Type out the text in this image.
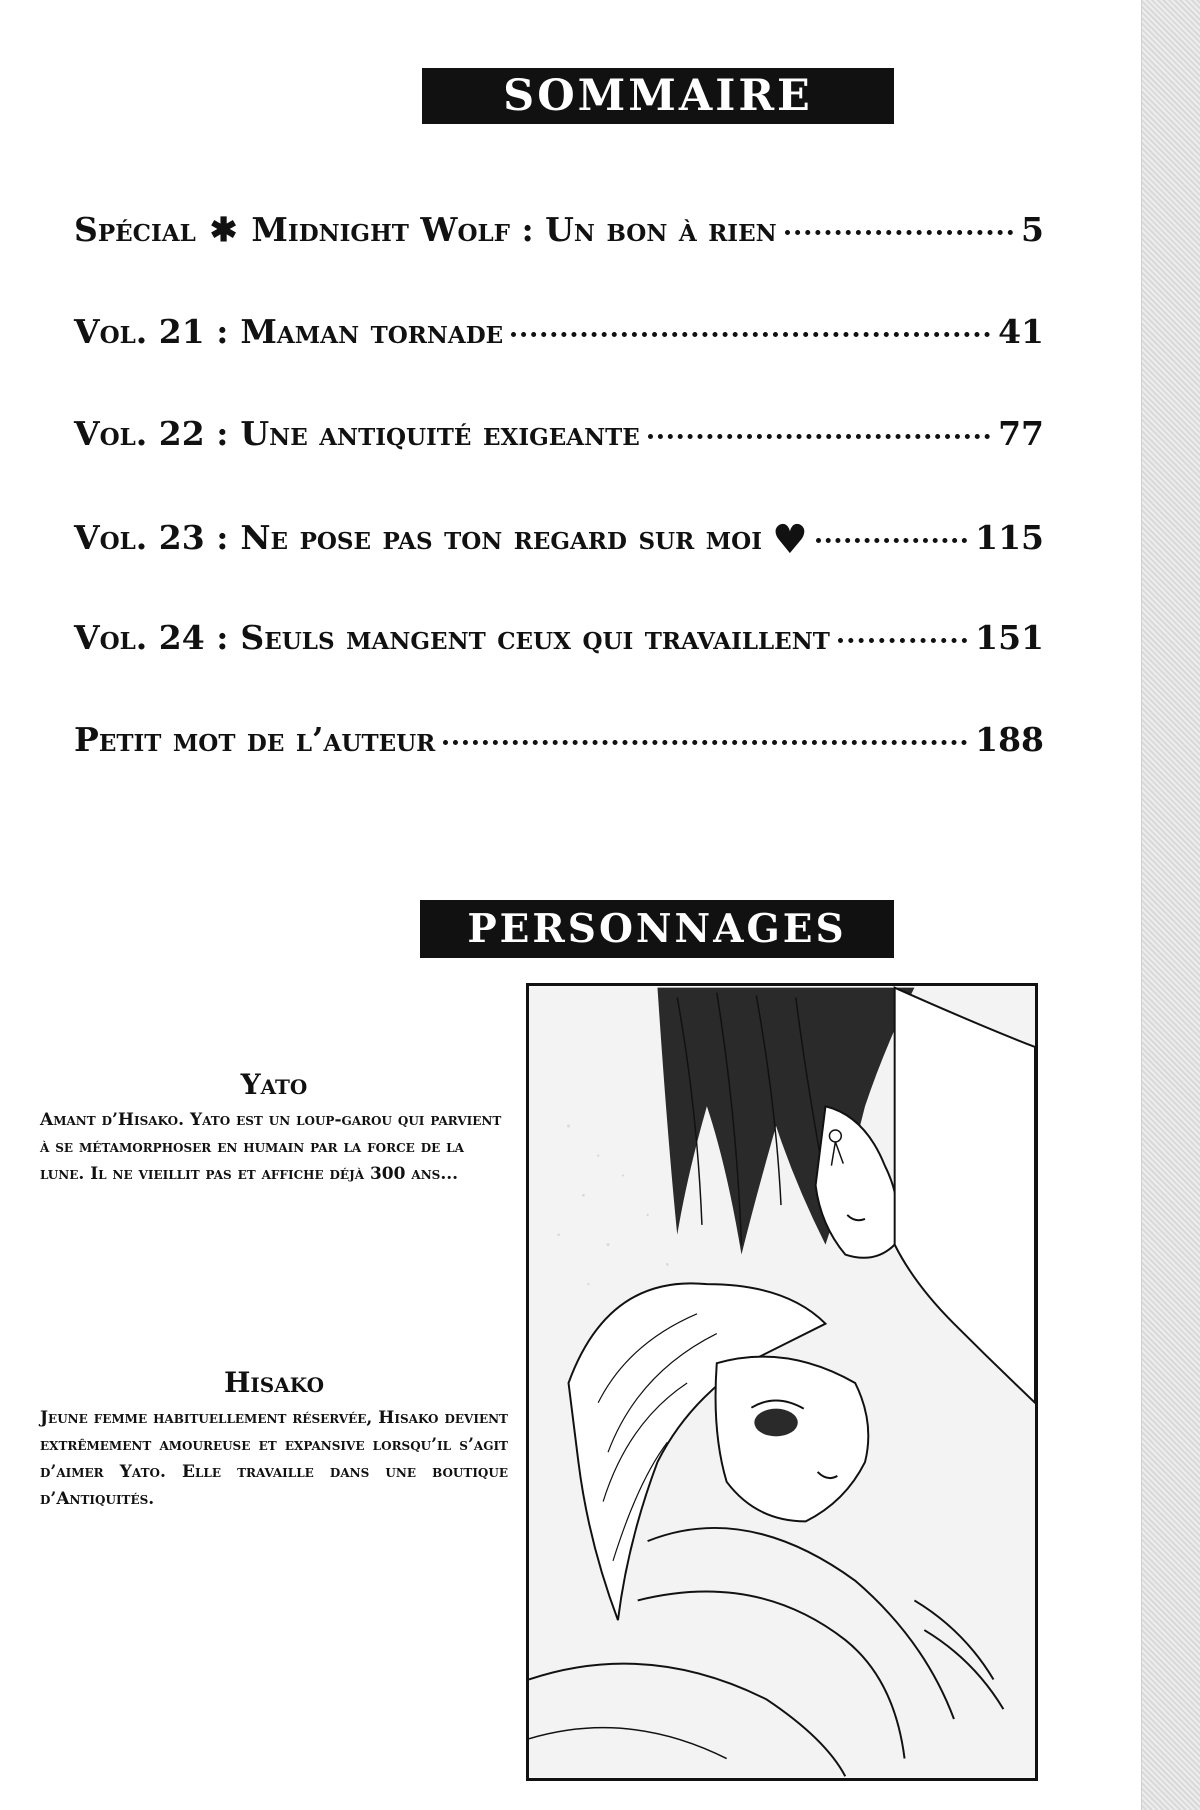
SOMMAIRE
Spécial ✱ Midnight Wolf : Un bon à rien	5
Vol. 21 : Maman tornade	41
Vol. 22 : Une antiquité exigeante	77
Vol. 23 : Ne pose pas ton regard sur moi ♥	115
Vol. 24 : Seuls mangent ceux qui travaillent	151
Petit mot de l’auteur	188
PERSONNAGES
Yato
Amant d’Hisako. Yato est un loup-garou qui parvient à se métamorphoser en humain par la force de la lune. Il ne vieillit pas et affiche déjà 300 ans...
Hisako
Jeune femme habituellement réservée, Hisako devient extrêmement amoureuse et expansive lorsqu’il s’agit d’aimer Yato. Elle travaille dans une boutique d’Antiquités.
